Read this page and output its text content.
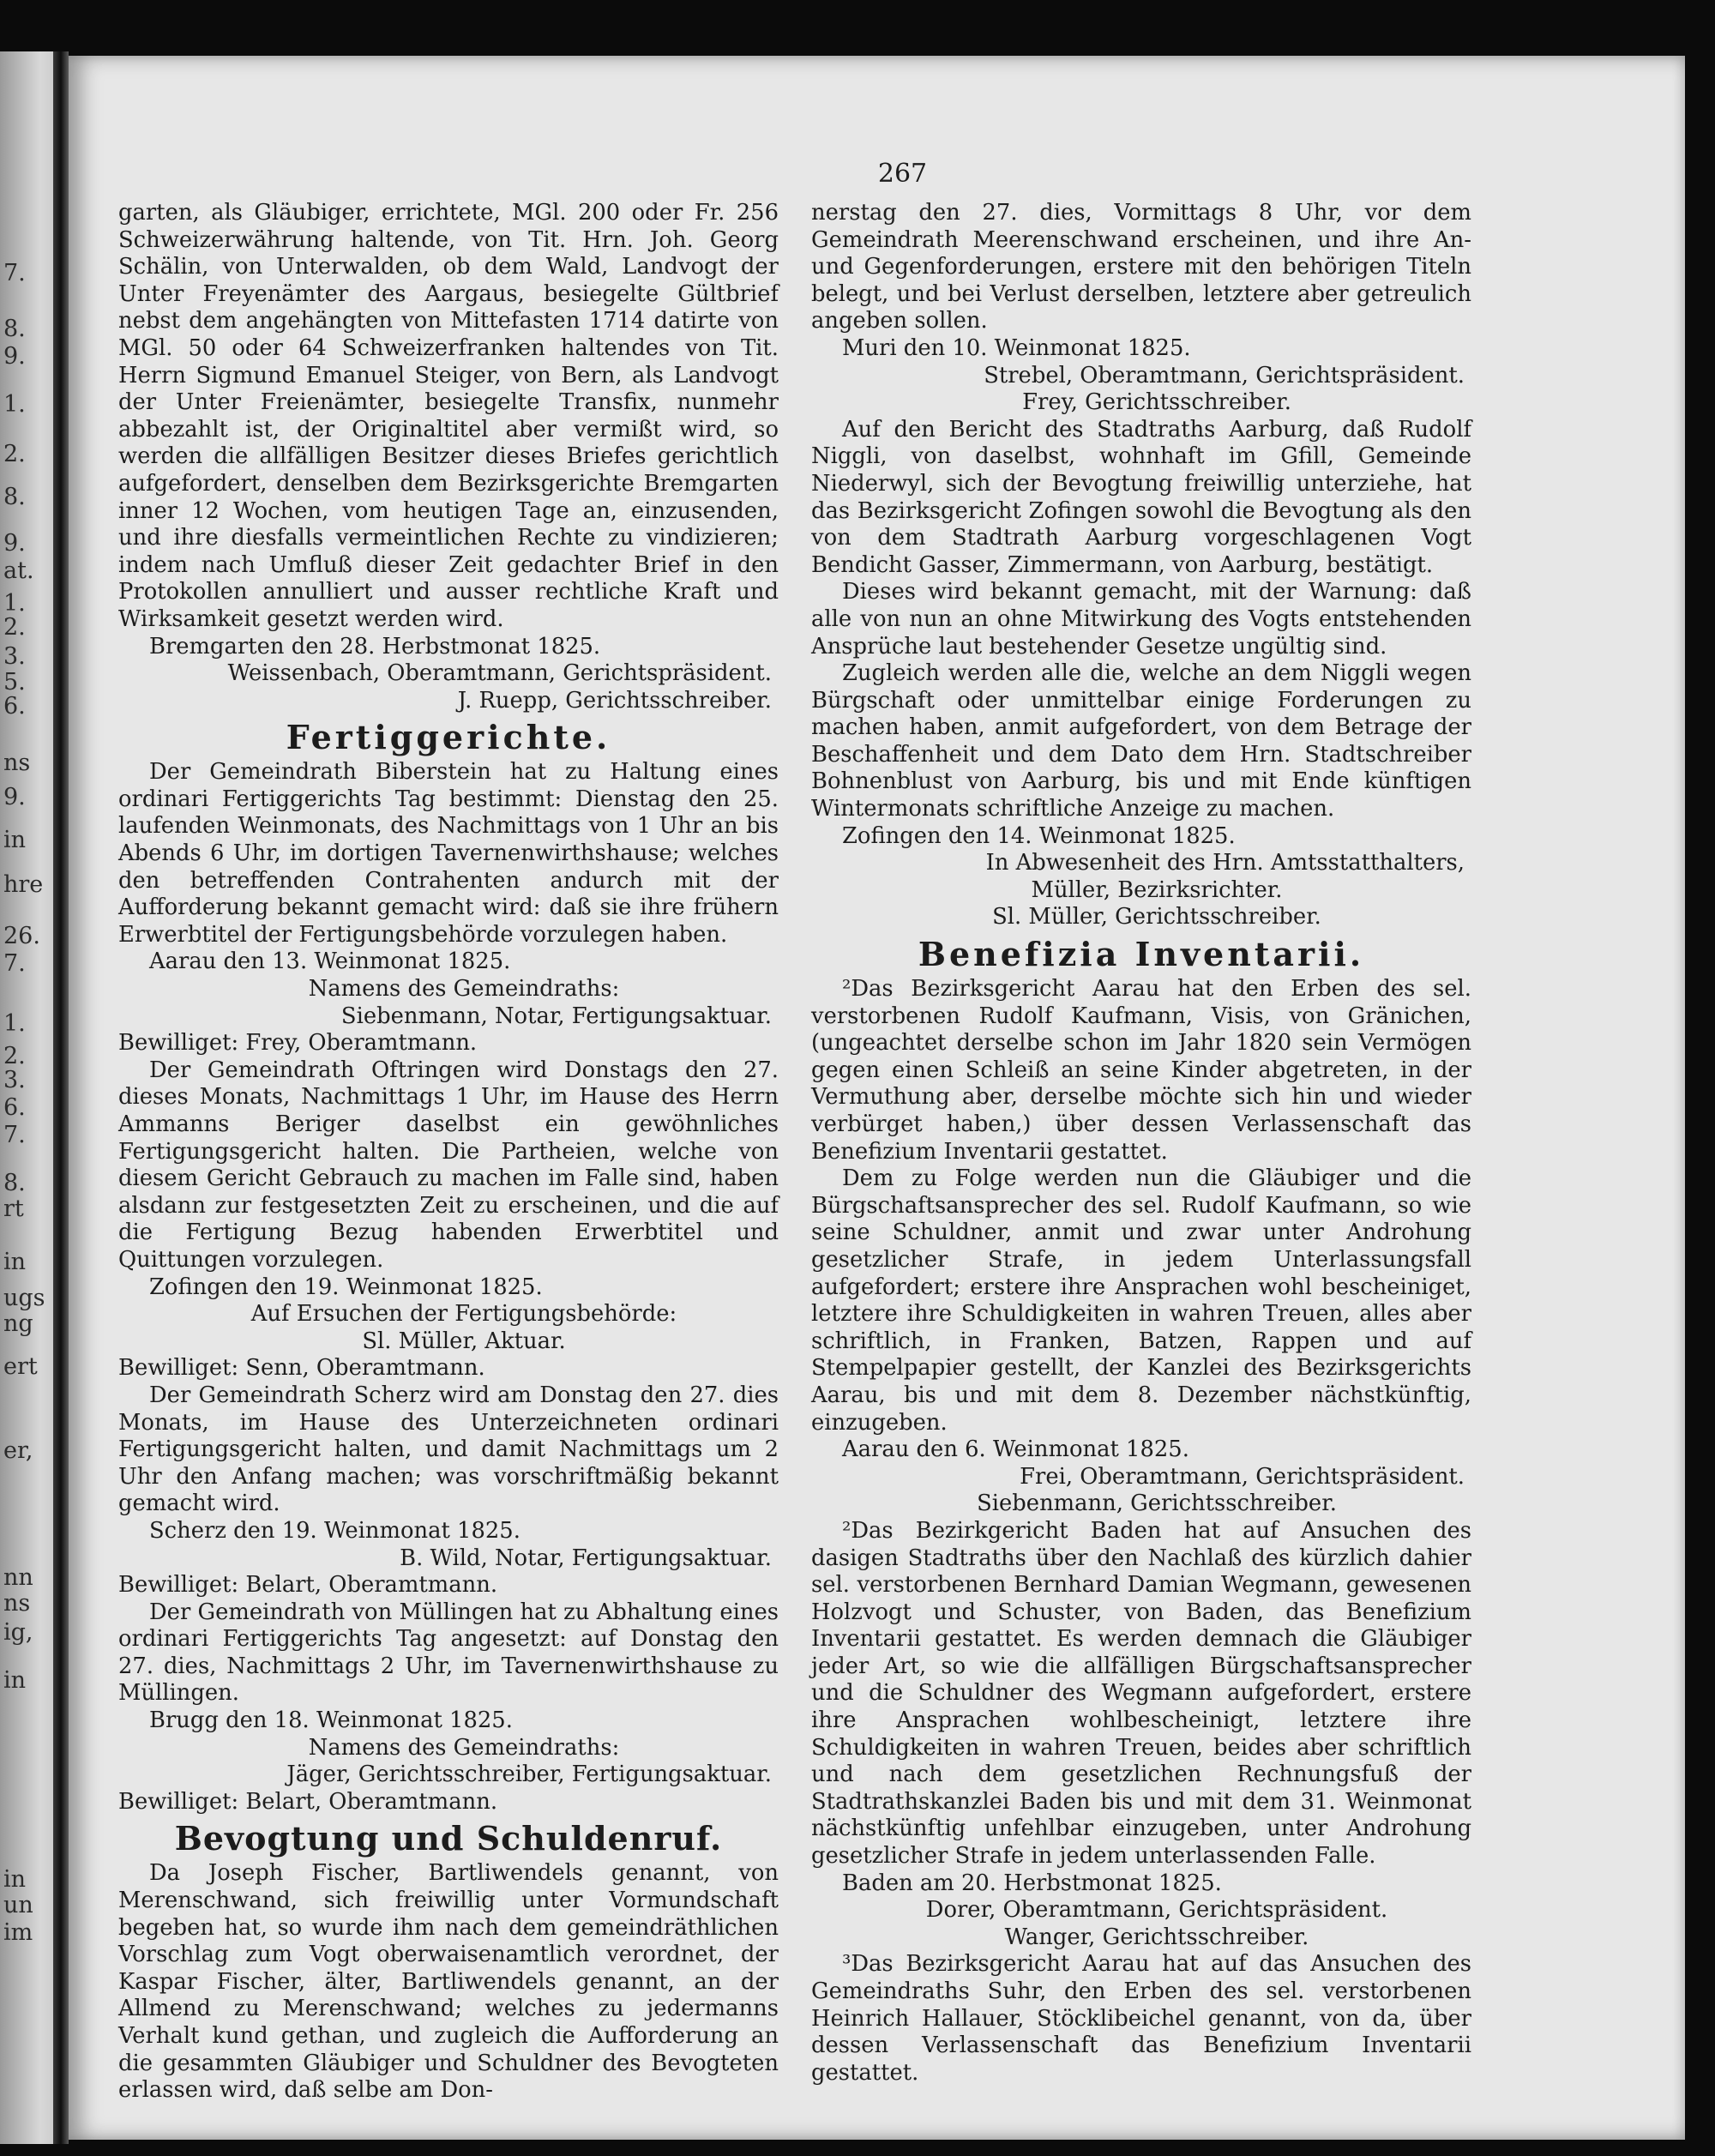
7.
8.
9.
1.
2.
8.
9.
at.
1.
2.
3.
5.
6.
ns
9.
in
hre
26.
7.
1.
2.
3.
6.
7.
8.
rt
in
ugs
ng
ert
er,
nn
ns
ig,
in
in
un
im
267

garten, als Gläubiger, errichtete, MGl. 200 oder Fr. 256 Schweizerwährung haltende, von Tit. Hrn. Joh. Georg Schälin, von Unterwalden, ob dem Wald, Landvogt der Unter Freyenämter des Aargaus, besiegelte Gültbrief nebst dem angehängten von Mittefasten 1714 datirte von MGl. 50 oder 64 Schweizerfranken haltendes von Tit. Herrn Sigmund Emanuel Steiger, von Bern, als Landvogt der Unter Freienämter, besiegelte Transfix, nunmehr abbezahlt ist, der Originaltitel aber vermißt wird, so werden die allfälligen Besitzer dieses Briefes gerichtlich aufgefordert, denselben dem Bezirksgerichte Bremgarten inner 12 Wochen, vom heutigen Tage an, einzusenden, und ihre diesfalls vermeintlichen Rechte zu vindizieren; indem nach Umfluß dieser Zeit gedachter Brief in den Protokollen annulliert und ausser rechtliche Kraft und Wirksamkeit gesetzt werden wird.

Bremgarten den 28. Herbstmonat 1825.

Weissenbach, Oberamtmann, Gerichtspräsident.

J. Ruepp, Gerichtsschreiber.

Fertiggerichte.

Der Gemeindrath Biberstein hat zu Haltung eines ordinari Fertiggerichts Tag bestimmt: Dienstag den 25. laufenden Weinmonats, des Nachmittags von 1 Uhr an bis Abends 6 Uhr, im dortigen Tavernenwirthshause; welches den betreffenden Contrahenten andurch mit der Aufforderung bekannt gemacht wird: daß sie ihre frühern Erwerbtitel der Fertigungsbehörde vorzulegen haben.

Aarau den 13. Weinmonat 1825.

Namens des Gemeindraths:

Siebenmann, Notar, Fertigungsaktuar.

Bewilliget: Frey, Oberamtmann.

Der Gemeindrath Oftringen wird Donstags den 27. dieses Monats, Nachmittags 1 Uhr, im Hause des Herrn Ammanns Beriger daselbst ein gewöhnliches Fertigungsgericht halten. Die Partheien, welche von diesem Gericht Gebrauch zu machen im Falle sind, haben alsdann zur festgesetzten Zeit zu erscheinen, und die auf die Fertigung Bezug habenden Erwerbtitel und Quittungen vorzulegen.

Zofingen den 19. Weinmonat 1825.

Auf Ersuchen der Fertigungsbehörde:

Sl. Müller, Aktuar.

Bewilliget: Senn, Oberamtmann.

Der Gemeindrath Scherz wird am Donstag den 27. dies Monats, im Hause des Unterzeichneten ordinari Fertigungsgericht halten, und damit Nachmittags um 2 Uhr den Anfang machen; was vorschriftmäßig bekannt gemacht wird.

Scherz den 19. Weinmonat 1825.

B. Wild, Notar, Fertigungsaktuar.

Bewilliget: Belart, Oberamtmann.

Der Gemeindrath von Müllingen hat zu Abhaltung eines ordinari Fertiggerichts Tag angesetzt: auf Donstag den 27. dies, Nachmittags 2 Uhr, im Tavernenwirthshause zu Müllingen.

Brugg den 18. Weinmonat 1825.

Namens des Gemeindraths:

Jäger, Gerichtsschreiber, Fertigungsaktuar.

Bewilliget: Belart, Oberamtmann.

Bevogtung und Schuldenruf.

Da Joseph Fischer, Bartliwendels genannt, von Merenschwand, sich freiwillig unter Vormundschaft begeben hat, so wurde ihm nach dem gemeindräthlichen Vorschlag zum Vogt oberwaisenamtlich verordnet, der Kaspar Fischer, älter, Bartliwendels genannt, an der Allmend zu Merenschwand; welches zu jedermanns Verhalt kund gethan, und zugleich die Aufforderung an die gesammten Gläubiger und Schuldner des Bevogteten erlassen wird, daß selbe am Don-

nerstag den 27. dies, Vormittags 8 Uhr, vor dem Gemeindrath Meerenschwand erscheinen, und ihre An- und Gegenforderungen, erstere mit den behörigen Titeln belegt, und bei Verlust derselben, letztere aber getreulich angeben sollen.

Muri den 10. Weinmonat 1825.

Strebel, Oberamtmann, Gerichtspräsident.

Frey, Gerichtsschreiber.

Auf den Bericht des Stadtraths Aarburg, daß Rudolf Niggli, von daselbst, wohnhaft im Gfill, Gemeinde Niederwyl, sich der Bevogtung freiwillig unterziehe, hat das Bezirksgericht Zofingen sowohl die Bevogtung als den von dem Stadtrath Aarburg vorgeschlagenen Vogt Bendicht Gasser, Zimmermann, von Aarburg, bestätigt.

Dieses wird bekannt gemacht, mit der Warnung: daß alle von nun an ohne Mitwirkung des Vogts entstehenden Ansprüche laut bestehender Gesetze ungültig sind.

Zugleich werden alle die, welche an dem Niggli wegen Bürgschaft oder unmittelbar einige Forderungen zu machen haben, anmit aufgefordert, von dem Betrage der Beschaffenheit und dem Dato dem Hrn. Stadtschreiber Bohnenblust von Aarburg, bis und mit Ende künftigen Wintermonats schriftliche Anzeige zu machen.

Zofingen den 14. Weinmonat 1825.

In Abwesenheit des Hrn. Amtsstatthalters,

Müller, Bezirksrichter.

Sl. Müller, Gerichtsschreiber.

Benefizia Inventarii.

²Das Bezirksgericht Aarau hat den Erben des sel. verstorbenen Rudolf Kaufmann, Visis, von Gränichen, (ungeachtet derselbe schon im Jahr 1820 sein Vermögen gegen einen Schleiß an seine Kinder abgetreten, in der Vermuthung aber, derselbe möchte sich hin und wieder verbürget haben,) über dessen Verlassenschaft das Benefizium Inventarii gestattet.

Dem zu Folge werden nun die Gläubiger und die Bürgschaftsansprecher des sel. Rudolf Kaufmann, so wie seine Schuldner, anmit und zwar unter Androhung gesetzlicher Strafe, in jedem Unterlassungsfall aufgefordert; erstere ihre Ansprachen wohl bescheiniget, letztere ihre Schuldigkeiten in wahren Treuen, alles aber schriftlich, in Franken, Batzen, Rappen und auf Stempelpapier gestellt, der Kanzlei des Bezirksgerichts Aarau, bis und mit dem 8. Dezember nächstkünftig, einzugeben.

Aarau den 6. Weinmonat 1825.

Frei, Oberamtmann, Gerichtspräsident.

Siebenmann, Gerichtsschreiber.

²Das Bezirkgericht Baden hat auf Ansuchen des dasigen Stadtraths über den Nachlaß des kürzlich dahier sel. verstorbenen Bernhard Damian Wegmann, gewesenen Holzvogt und Schuster, von Baden, das Benefizium Inventarii gestattet. Es werden demnach die Gläubiger jeder Art, so wie die allfälligen Bürgschaftsansprecher und die Schuldner des Wegmann aufgefordert, erstere ihre Ansprachen wohlbescheinigt, letztere ihre Schuldigkeiten in wahren Treuen, beides aber schriftlich und nach dem gesetzlichen Rechnungsfuß der Stadtrathskanzlei Baden bis und mit dem 31. Weinmonat nächstkünftig unfehlbar einzugeben, unter Androhung gesetzlicher Strafe in jedem unterlassenden Falle.

Baden am 20. Herbstmonat 1825.

Dorer, Oberamtmann, Gerichtspräsident.

Wanger, Gerichtsschreiber.

³Das Bezirksgericht Aarau hat auf das Ansuchen des Gemeindraths Suhr, den Erben des sel. verstorbenen Heinrich Hallauer, Stöcklibeichel genannt, von da, über dessen Verlassenschaft das Benefizium Inventarii gestattet.
